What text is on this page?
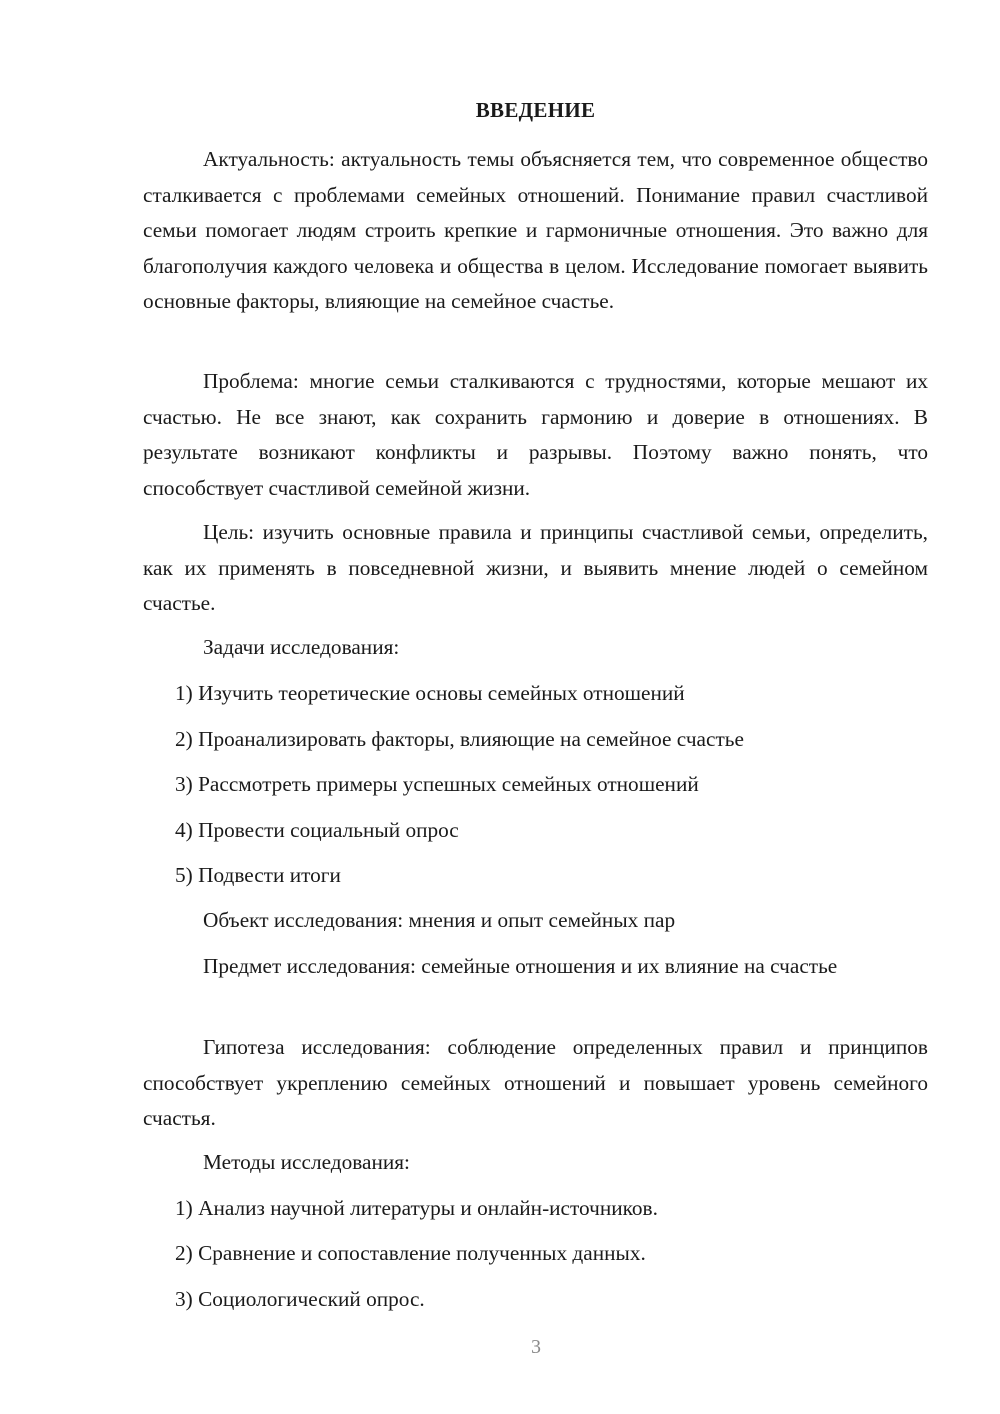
ВВЕДЕНИЕ

Актуальность: актуальность темы объясняется тем, что современное общество сталкивается с проблемами семейных отношений. Понимание правил счастливой семьи помогает людям строить крепкие и гармоничные отношения. Это важно для благополучия каждого человека и общества в целом. Исследование помогает выявить основные факторы, влияющие на семейное счастье.

Проблема: многие семьи сталкиваются с трудностями, которые мешают их счастью. Не все знают, как сохранить гармонию и доверие в отношениях. В результате возникают конфликты и разрывы. Поэтому важно понять, что способствует счастливой семейной жизни.

Цель: изучить основные правила и принципы счастливой семьи, определить, как их применять в повседневной жизни, и выявить мнение людей о семейном счастье.

Задачи исследования:

1) Изучить теоретические основы семейных отношений

2) Проанализировать факторы, влияющие на семейное счастье

3) Рассмотреть примеры успешных семейных отношений

4) Провести социальный опрос

5) Подвести итоги

Объект исследования: мнения и опыт семейных пар

Предмет исследования: семейные отношения и их влияние на счастье

Гипотеза исследования: соблюдение определенных правил и принципов способствует укреплению семейных отношений и повышает уровень семейного счастья.

Методы исследования:

1) Анализ научной литературы и онлайн-источников.

2) Сравнение и сопоставление полученных данных.

3) Социологический опрос.

3
